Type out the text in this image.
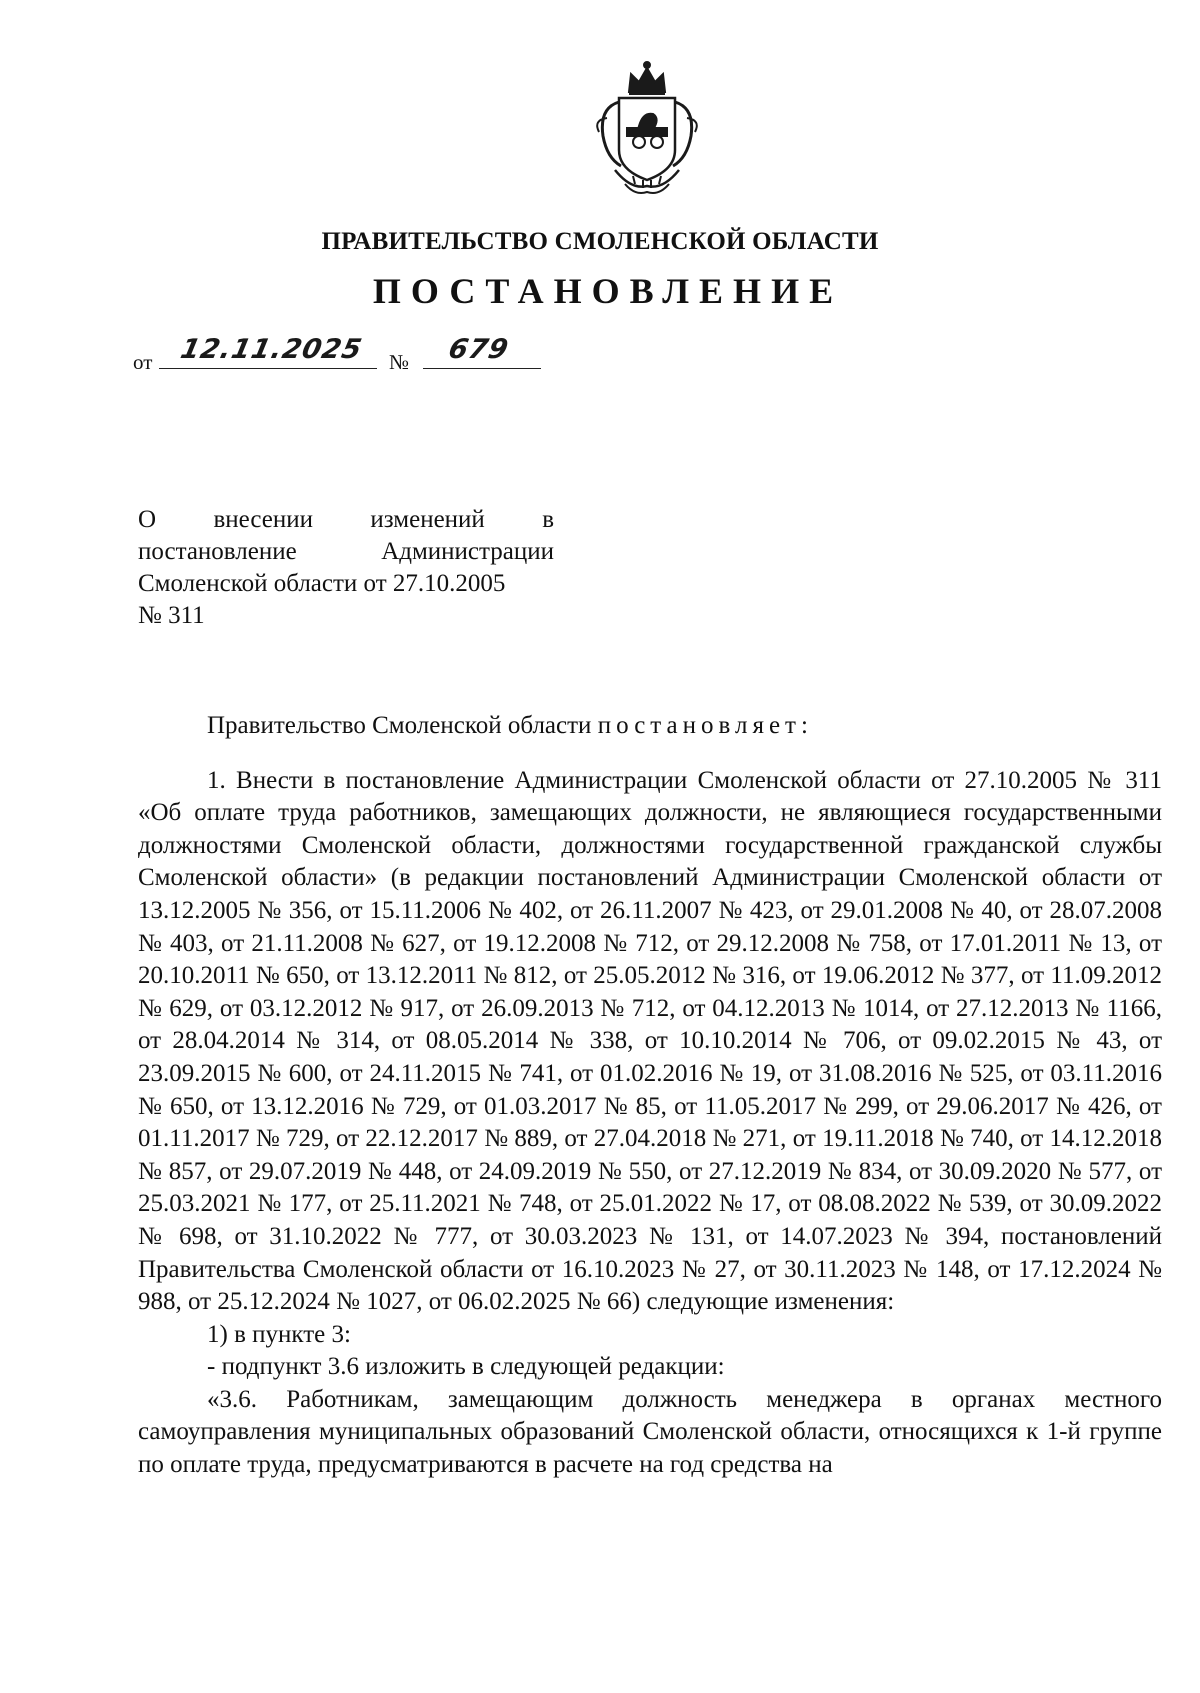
ПРАВИТЕЛЬСТВО СМОЛЕНСКОЙ ОБЛАСТИ
ПОСТАНОВЛЕНИЕ
от 12.11.2025 № 679
О внесении изменений в
постановление Администрации
Смоленской области от 27.10.2005
№ 311

Правительство Смоленской области постановляет:

1. Внести в постановление Администрации Смоленской области от 27.10.2005 № 311 «Об оплате труда работников, замещающих должности, не являющиеся государственными должностями Смоленской области, должностями государственной гражданской службы Смоленской области» (в редакции постановлений Администрации Смоленской области от 13.12.2005 № 356, от 15.11.2006 № 402, от 26.11.2007 № 423, от 29.01.2008 № 40, от 28.07.2008 № 403, от 21.11.2008 № 627, от 19.12.2008 № 712, от 29.12.2008 № 758, от 17.01.2011 № 13, от 20.10.2011 № 650, от 13.12.2011 № 812, от 25.05.2012 № 316, от 19.06.2012 № 377, от 11.09.2012 № 629, от 03.12.2012 № 917, от 26.09.2013 № 712, от 04.12.2013 № 1014, от 27.12.2013 № 1166, от 28.04.2014 № 314, от 08.05.2014 № 338, от 10.10.2014 № 706, от 09.02.2015 № 43, от 23.09.2015 № 600, от 24.11.2015 № 741, от 01.02.2016 № 19, от 31.08.2016 № 525, от 03.11.2016 № 650, от 13.12.2016 № 729, от 01.03.2017 № 85, от 11.05.2017 № 299, от 29.06.2017 № 426, от 01.11.2017 № 729, от 22.12.2017 № 889, от 27.04.2018 № 271, от 19.11.2018 № 740, от 14.12.2018 № 857, от 29.07.2019 № 448, от 24.09.2019 № 550, от 27.12.2019 № 834, от 30.09.2020 № 577, от 25.03.2021 № 177, от 25.11.2021 № 748, от 25.01.2022 № 17, от 08.08.2022 № 539, от 30.09.2022 № 698, от 31.10.2022 № 777, от 30.03.2023 № 131, от 14.07.2023 № 394, постановлений Правительства Смоленской области от 16.10.2023 № 27, от 30.11.2023 № 148, от 17.12.2024 № 988, от 25.12.2024 № 1027, от 06.02.2025 № 66) следующие изменения:

1) в пункте 3:

- подпункт 3.6 изложить в следующей редакции:

«3.6. Работникам, замещающим должность менеджера в органах местного самоуправления муниципальных образований Смоленской области, относящихся к 1-й группе по оплате труда, предусматриваются в расчете на год средства на
